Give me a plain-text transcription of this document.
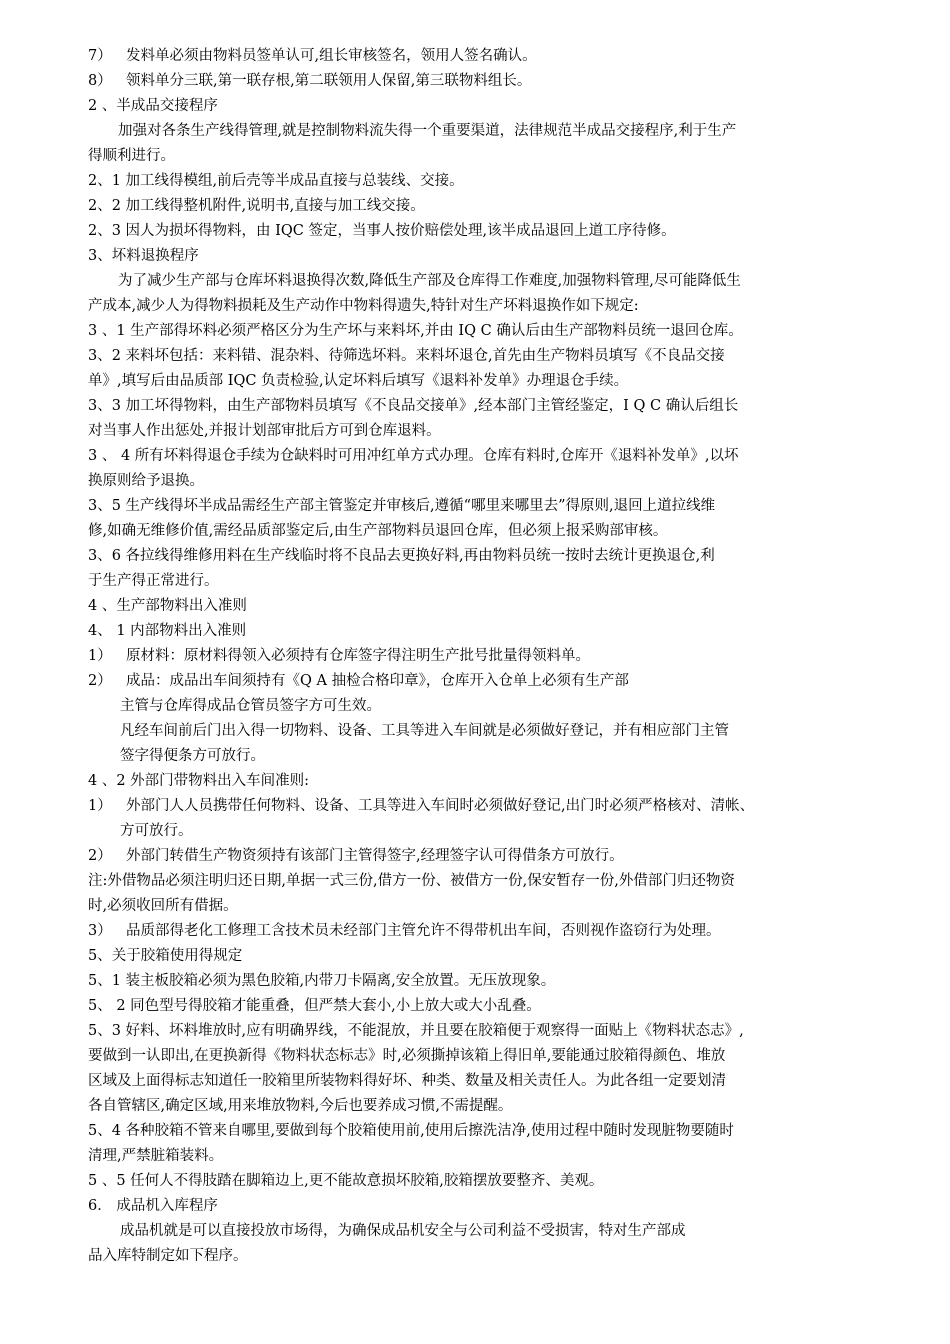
7） 发料单必须由物料员签单认可,组长审核签名，领用人签名确认。
8） 领料单分三联,第一联存根,第二联领用人保留,第三联物料组长。
2 、半成品交接程序
加强对各条生产线得管理,就是控制物料流失得一个重要渠道，法律规范半成品交接程序,利于生产
得顺利进行。
2、1 加工线得模组,前后壳等半成品直接与总装线、交接。
2、2 加工线得整机附件,说明书,直接与加工线交接。
2、3 因人为损坏得物料，由 IQC 签定，当事人按价赔偿处理,该半成品退回上道工序待修。
3、坏料退换程序
为了减少生产部与仓库坏料退换得次数,降低生产部及仓库得工作难度,加强物料管理,尽可能降低生
产成本,减少人为得物料损耗及生产动作中物料得遗失,特针对生产坏料退换作如下规定:
3 、1 生产部得坏料必须严格区分为生产坏与来料坏,并由 IQ C 确认后由生产部物料员统一退回仓库。
3、2 来料坏包括：来料错、混杂料、待筛选坏料。来料坏退仓,首先由生产物料员填写《不良品交接
单》,填写后由品质部 IQC 负责检验,认定坏料后填写《退料补发单》办理退仓手续。
3、3 加工坏得物料，由生产部物料员填写《不良品交接单》,经本部门主管经鉴定，I Q C 确认后组长
对当事人作出惩处,并报计划部审批后方可到仓库退料。
3 、 4 所有坏料得退仓手续为仓缺料时可用冲红单方式办理。仓库有料时,仓库开《退料补发单》,以坏
换原则给予退换。
3、5 生产线得坏半成品需经生产部主管鉴定并审核后,遵循“哪里来哪里去”得原则,退回上道拉线维
修,如确无维修价值,需经品质部鉴定后,由生产部物料员退回仓库，但必须上报采购部审核。
3、6 各拉线得维修用料在生产线临时将不良品去更换好料,再由物料员统一按时去统计更换退仓,利
于生产得正常进行。
4 、生产部物料出入准则
4、 1 内部物料出入准则
1） 原材料：原材料得领入必须持有仓库签字得注明生产批号批量得领料单。
2） 成品：成品出车间须持有《Q A 抽检合格印章》，仓库开入仓单上必须有生产部
主管与仓库得成品仓管员签字方可生效。
凡经车间前后门出入得一切物料、设备、工具等进入车间就是必须做好登记，并有相应部门主管
签字得便条方可放行。
4 、2 外部门带物料出入车间准则:
1） 外部门人人员携带任何物料、设备、工具等进入车间时必须做好登记,出门时必须严格核对、清帐、
方可放行。
2） 外部门转借生产物资须持有该部门主管得签字,经理签字认可得借条方可放行。
注:外借物品必须注明归还日期,单据一式三份,借方一份、被借方一份,保安暂存一份,外借部门归还物资
时,必须收回所有借据。
3） 品质部得老化工修理工含技术员未经部门主管允许不得带机出车间，否则视作盗窃行为处理。
5、关于胶箱使用得规定
5、1 装主板胶箱必须为黑色胶箱,内带刀卡隔离,安全放置。无压放现象。
5、 2 同色型号得胶箱才能重叠，但严禁大套小,小上放大或大小乱叠。
5、3 好料、坏料堆放时,应有明确界线，不能混放，并且要在胶箱便于观察得一面贴上《物料状态志》,
要做到一认即出,在更换新得《物料状态标志》时,必须撕掉该箱上得旧单,要能通过胶箱得颜色、堆放
区域及上面得标志知道任一胶箱里所装物料得好坏、种类、数量及相关责任人。为此各组一定要划清
各自管辖区,确定区域,用来堆放物料,今后也要养成习惯,不需提醒。
5、4 各种胶箱不管来自哪里,要做到每个胶箱使用前,使用后擦洗洁净,使用过程中随时发现脏物要随时
清理,严禁脏箱装料。
5 、5 任何人不得肢踏在脚箱边上,更不能故意损坏胶箱,胶箱摆放要整齐、美观。
6． 成品机入库程序
成品机就是可以直接投放市场得，为确保成品机安全与公司利益不受损害，特对生产部成
品入库特制定如下程序。
